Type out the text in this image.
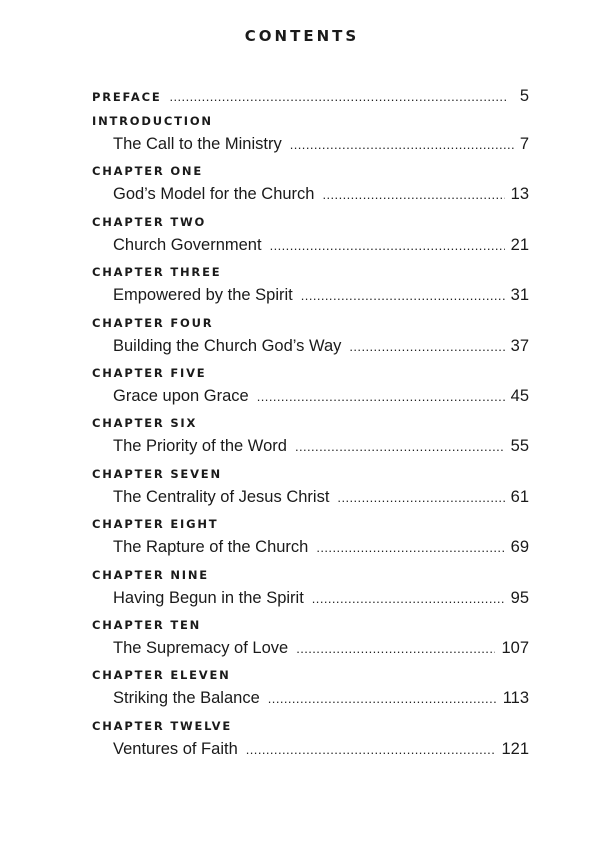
CONTENTS
PREFACE . . .	5
INTRODUCTION
The Call to the Ministry . . .	7
CHAPTER ONE
God’s Model for the Church . . .	13
CHAPTER TWO
Church Government . . .	21
CHAPTER THREE
Empowered by the Spirit . . .	31
CHAPTER FOUR
Building the Church God’s Way . . .	37
CHAPTER FIVE
Grace upon Grace . . .	45
CHAPTER SIX
The Priority of the Word . . .	55
CHAPTER SEVEN
The Centrality of Jesus Christ . . .	61
CHAPTER EIGHT
The Rapture of the Church . . .	69
CHAPTER NINE
Having Begun in the Spirit . . .	95
CHAPTER TEN
The Supremacy of Love . . .	107
CHAPTER ELEVEN
Striking the Balance . . .	113
CHAPTER TWELVE
Ventures of Faith . . .	121
